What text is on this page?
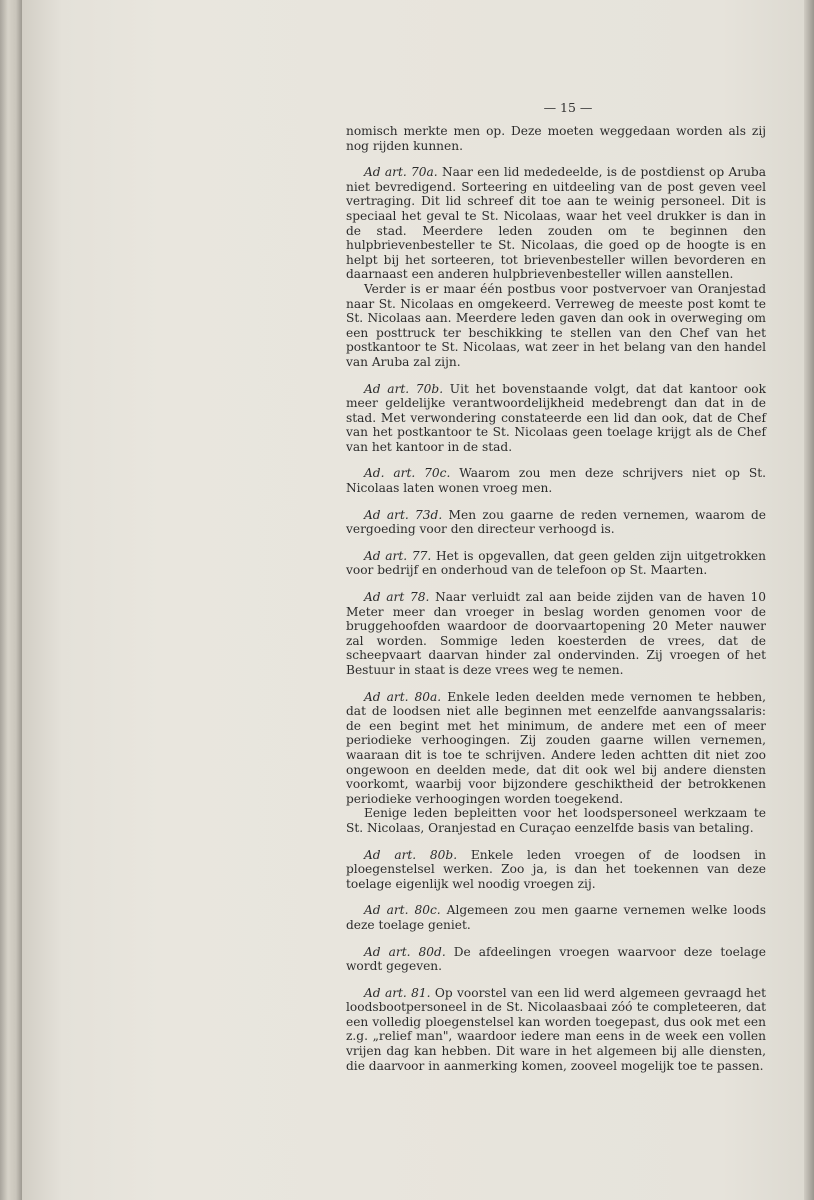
— 15 —

nomisch merkte men op. Deze moeten weggedaan worden als zij nog rijden kunnen.

Ad art. 70a. Naar een lid mededeelde, is de postdienst op Aruba niet bevredigend. Sorteering en uitdeeling van de post geven veel vertraging. Dit lid schreef dit toe aan te weinig personeel. Dit is speciaal het geval te St. Nicolaas, waar het veel drukker is dan in de stad. Meerdere leden zouden om te beginnen den hulpbrievenbesteller te St. Nicolaas, die goed op de hoogte is en helpt bij het sorteeren, tot brievenbesteller willen bevorderen en daarnaast een anderen hulpbrievenbesteller willen aanstellen.

Verder is er maar één postbus voor postvervoer van Oranjestad naar St. Nicolaas en omgekeerd. Verreweg de meeste post komt te St. Nicolaas aan. Meerdere leden gaven dan ook in overweging om een posttruck ter beschikking te stellen van den Chef van het postkantoor te St. Nicolaas, wat zeer in het belang van den handel van Aruba zal zijn.

Ad art. 70b. Uit het bovenstaande volgt, dat dat kantoor ook meer geldelijke verantwoordelijkheid medebrengt dan dat in de stad. Met verwondering constateerde een lid dan ook, dat de Chef van het postkantoor te St. Nicolaas geen toelage krijgt als de Chef van het kantoor in de stad.

Ad. art. 70c. Waarom zou men deze schrijvers niet op St. Nicolaas laten wonen vroeg men.

Ad art. 73d. Men zou gaarne de reden vernemen, waarom de vergoeding voor den directeur verhoogd is.

Ad art. 77. Het is opgevallen, dat geen gelden zijn uitgetrokken voor bedrijf en onderhoud van de telefoon op St. Maarten.

Ad art 78. Naar verluidt zal aan beide zijden van de haven 10 Meter meer dan vroeger in beslag worden genomen voor de bruggehoofden waardoor de doorvaartopening 20 Meter nauwer zal worden. Sommige leden koesterden de vrees, dat de scheepvaart daarvan hinder zal ondervinden. Zij vroegen of het Bestuur in staat is deze vrees weg te nemen.

Ad art. 80a. Enkele leden deelden mede vernomen te hebben, dat de loodsen niet alle beginnen met eenzelfde aanvangssalaris: de een begint met het minimum, de andere met een of meer periodieke verhoogingen. Zij zouden gaarne willen vernemen, waaraan dit is toe te schrijven. Andere leden achtten dit niet zoo ongewoon en deelden mede, dat dit ook wel bij andere diensten voorkomt, waarbij voor bijzondere geschiktheid der betrokkenen periodieke verhoogingen worden toegekend.

Eenige leden bepleitten voor het loodspersoneel werkzaam te St. Nicolaas, Oranjestad en Curaçao eenzelfde basis van betaling.

Ad art. 80b. Enkele leden vroegen of de loodsen in ploegenstelsel werken. Zoo ja, is dan het toekennen van deze toelage eigenlijk wel noodig vroegen zij.

Ad art. 80c. Algemeen zou men gaarne vernemen welke loods deze toelage geniet.

Ad art. 80d. De afdeelingen vroegen waarvoor deze toelage wordt gegeven.

Ad art. 81. Op voorstel van een lid werd algemeen gevraagd het loodsbootpersoneel in de St. Nicolaasbaai zóó te completeeren, dat een volledig ploegenstelsel kan worden toegepast, dus ook met een z.g. „relief man", waardoor iedere man eens in de week een vollen vrijen dag kan hebben. Dit ware in het algemeen bij alle diensten, die daarvoor in aanmerking komen, zooveel mogelijk toe te passen.
